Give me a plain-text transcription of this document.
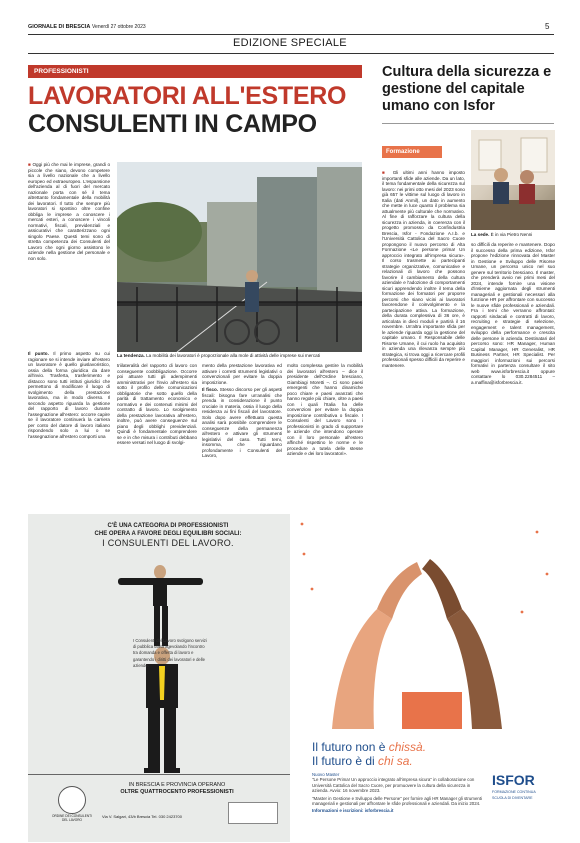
GIORNALE DI BRESCIA Venerdì 27 ottobre 2023	5
EDIZIONE SPECIALE
PROFESSIONISTI
LAVORATORI ALL'ESTERO
CONSULENTI IN CAMPO
■ Oggi più che mai le imprese, grandi o piccole che siano, devono competere sia a livello nazionale che a livello europeo ed extraeuropeo. L'espansione dell'azienda al di fuori del mercato nazionale porta con sé il tema altrettanto fondamentale della mobilità dei lavoratori. Il tutto che sempre più lavoratori si spostino oltre confine obbliga le imprese a conoscere i mercati esteri, a conoscere i vincoli normativi, fiscali, previdenziali e assicurativi che caratterizzano ogni singolo Paese. Questi temi sono di stretta competenza dei Consulenti del Lavoro che ogni giorno assistono le aziende nella gestione del personale e non solo.
La tendenza. La mobilità dei lavoratori è proporzionale alla mole di attività delle imprese sui mercati
Il punto. Il primo aspetto su cui ragionare se si intende inviare all'estero un lavoratore è quello giuslavoristico, ossia della forma giuridica da dare all'invio. Trasferta, trasferimento e distacco sono tutti istituti giuridici che permettono di modificare il luogo di svolgimento della prestazione lavorativa, ma in modo diverso. Il secondo aspetto riguarda la gestione del rapporto di lavoro durante l'assegnazione all'estero: occorre capire se il lavoratore continuerà la carriera per conto del datore di lavoro italiano rispondendo solo a lui o se l'assegnazione all'estero comporti una
triilateralità del rapporto di lavoro con conseguente coobbligazione. Occorre poi attuare tutti gli adempimenti amministrativi per l'invio all'estero sia sotto il profilo delle comunicazioni obbligatorie che sotto quello della parità di trattamento economico e normativo e dei contenuti minimi del contratto di lavoro. Lo svolgimento della prestazione lavorativa all'estero, inoltre, può avere conseguenze sul piano degli obblighi previdenziali. Quindi è fondamentale comprendere se e in che misura i contributi debbano essere versati nel luogo di svolgi-
mento della prestazione lavorativa ed attivare i corretti strumenti legislativi o convenzionali per evitare la doppia imposizione.

Il fisco. Stesso discorso per gli aspetti fiscali: bisogna fare un'analisi che prenda in considerazione il punto cruciale in materia, ossia il luogo della residenza ai fini fiscali del lavoratore. Solo dopo avere effettuato questa analisi sarà possibile comprendere le conseguenze della permanenza all'estero e attivare gli strumenti legislativi del caso. Tutti temi, insomma, che riguardano profondamente i Consulenti del Lavoro,

molto complessa gestire la mobilità dei lavoratori all'estero – dice il presidente dell'Ordine bresciano, Giambiagi Moretti –. Ci sono paesi emergenti che hanno dinamiche poco chiare e paesi avanzati che hanno regole più chiare, oltre a paesi con i quali l'Italia ha delle convenzioni per evitare la doppia imposizione contributiva o fiscale. I Consulenti del Lavoro sono i professionisti in grado di supportare le aziende che intendono operare con il loro personale all'estero affinché rispettino le norme e le procedure a tutela delle stesse aziende e dei loro lavoratori».
Cultura della sicurezza e gestione del capitale umano con Isfor
Formazione
■ Gli ultimi anni hanno imposto importanti sfide alle aziende. Da un lato, il tema fondamentale della sicurezza sul lavoro: nei primi otto mesi del 2023 sono già 657 le vittime sul luogo di lavoro in Italia (dati Anmil), un dato in aumento che mette in luce quanto il problema sia attualmente più culturale che normativo. Al fine di rafforzare la cultura della sicurezza in azienda, in coerenza con il progetto promosso da Confindustria Brescia, Isfor - Fondazione A.I.b. e l'Università Cattolica del Sacro Cuore propongono il nuovo percorso di Alta Formazione «Le persone prima! Un approccio integrato all'impresa sicura». Il corso trasmette ai partecipanti strategie organizzative, comunicative e relazionali di lavoro che possono favorire il cambiamento della cultura aziendale e l'adozione di comportamenti sicuri apprendendo inoltre il tema della formazione dei formatori per proporre percorsi che siano vicini ai lavoratori favorendone il coinvolgimento e la partecipazione attiva. La formazione, della durata complessiva di 36 ore, è articolata in dieci moduli e partirà il 16 novembre. Un'altra importante sfida per le aziende riguarda oggi la gestione del capitale umano. Il Responsabile delle Risorse Umane, il cui ruolo ha acquisito in azienda una rilevanza sempre più strategica, si trova oggi a ricercare profili professionali spesso difficili da reperire e mantenere.
La sede. È in via Pietro Nenni
so difficili da reperire e mantenere. Dopo il successo della prima edizione, Isfor propone l'edizione rinnovata del Master in Gestione e Sviluppo delle Risorse Umane, un percorso unico nel suo genere sul territorio bresciano. Il master, che prenderà avvio nei primi mesi del 2024, intende fornire una visione d'insieme aggiornata degli strumenti manageriali e gestionali necessari alla funzione HR per affrontare con successo le nuove sfide professionali e aziendali. Fra i temi che verranno affrontati: rapporti sindacali e contratti di lavoro, recruiting e strategie di selezione, engagement e talent management, sviluppo della performance e crescita delle persone in azienda. Destinatari del percorso sono: HR Manager, Human Capital Manager, HR Generalist, HR Business Partner, HR Specialist. Per maggiori informazioni sui percorsi formativi in partenza consultare il sito web www.isforbrescia.it oppure contattare lo 030.2284511 – a.maffina@isforbrescia.it.
C'È UNA CATEGORIA DI PROFESSIONISTI
CHE OPERA A FAVORE DEGLI EQUILIBRI SOCIALI:
I CONSULENTI DEL LAVORO.
I Consulenti del Lavoro svolgono servizi di pubblica utilità agevolando l'incontro tra domanda e offerta di lavoro e garantendo i diritti dei lavoratori e delle aziende.
IN BRESCIA E PROVINCIA OPERANO
OLTRE QUATTROCENTO PROFESSIONISTI
ORDINE DEI CONSULENTI DEL LAVORO
Via V. Salgari, 43/b Brescia Tel. 030 2423700
Il futuro non è chissà.
Il futuro è di chi sa.
Nuovo Master
"Le Persone Prima! Un approccio integrato all'impresa sicura" in collaborazione con Università Cattolica del Sacro Cuore, per promuovere la cultura della sicurezza in azienda. Avvio: 16 novembre 2023.
"Master in Gestione e Sviluppo delle Persone" per fornire agli HR Manager gli strumenti manageriali e gestionali per affrontare le sfide professionali e aziendali. Da inizio 2024.
Informazioni e iscrizioni: isforbrescia.it
ISFOR
FORMAZIONE CONTINUA
SCUOLA DI DIVENTARE
